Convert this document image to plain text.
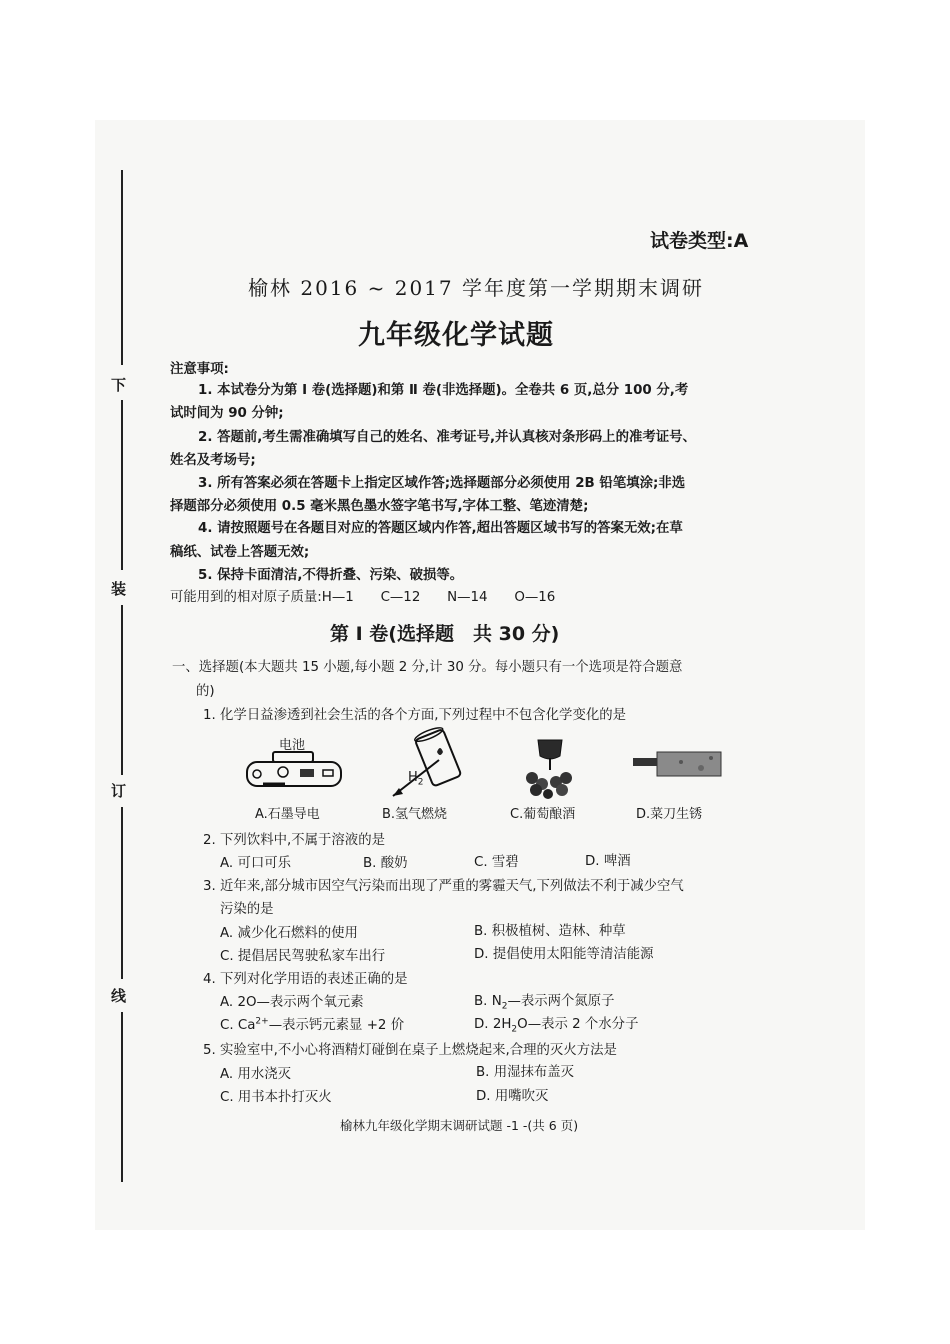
下
装
订
线
试卷类型:A
榆林 2016 ~ 2017 学年度第一学期期末调研
九年级化学试题
注意事项:
1. 本试卷分为第 Ⅰ 卷(选择题)和第 Ⅱ 卷(非选择题)。全卷共 6 页,总分 100 分,考
试时间为 90 分钟;
2. 答题前,考生需准确填写自己的姓名、准考证号,并认真核对条形码上的准考证号、
姓名及考场号;
3. 所有答案必须在答题卡上指定区域作答;选择题部分必须使用 2B 铅笔填涂;非选
择题部分必须使用 0.5 毫米黑色墨水签字笔书写,字体工整、笔迹清楚;
4. 请按照题号在各题目对应的答题区域内作答,超出答题区域书写的答案无效;在草
稿纸、试卷上答题无效;
5. 保持卡面清洁,不得折叠、污染、破损等。
可能用到的相对原子质量:H—1　　C—12　　N—14　　O—16
第 Ⅰ 卷(选择题　共 30 分)
一、选择题(本大题共 15 小题,每小题 2 分,计 30 分。每小题只有一个选项是符合题意
的)
1. 化学日益渗透到社会生活的各个方面,下列过程中不包含化学变化的是
电池
A.石墨导电
$H_2$
B.氢气燃烧	C.葡萄酿酒	D.菜刀生锈
2. 下列饮料中,不属于溶液的是
A. 可口可乐	B. 酸奶	C. 雪碧	D. 啤酒
3. 近年来,部分城市因空气污染而出现了严重的雾霾天气,下列做法不利于减少空气
污染的是
A. 减少化石燃料的使用	B. 积极植树、造林、种草
C. 提倡居民驾驶私家车出行	D. 提倡使用太阳能等清洁能源
4. 下列对化学用语的表述正确的是
A. 2O—表示两个氧元素	B. $N_2—$表示两个氮原子
C. $Ca^{2+}—$表示钙元素显 +2 价	D. $2H_2O—$表示 2 个水分子
5. 实验室中,不小心将酒精灯碰倒在桌子上燃烧起来,合理的灭火方法是
A. 用水浇灭	B. 用湿抹布盖灭
C. 用书本扑打灭火	D. 用嘴吹灭
榆林九年级化学期末调研试题 -1 -(共 6 页)
